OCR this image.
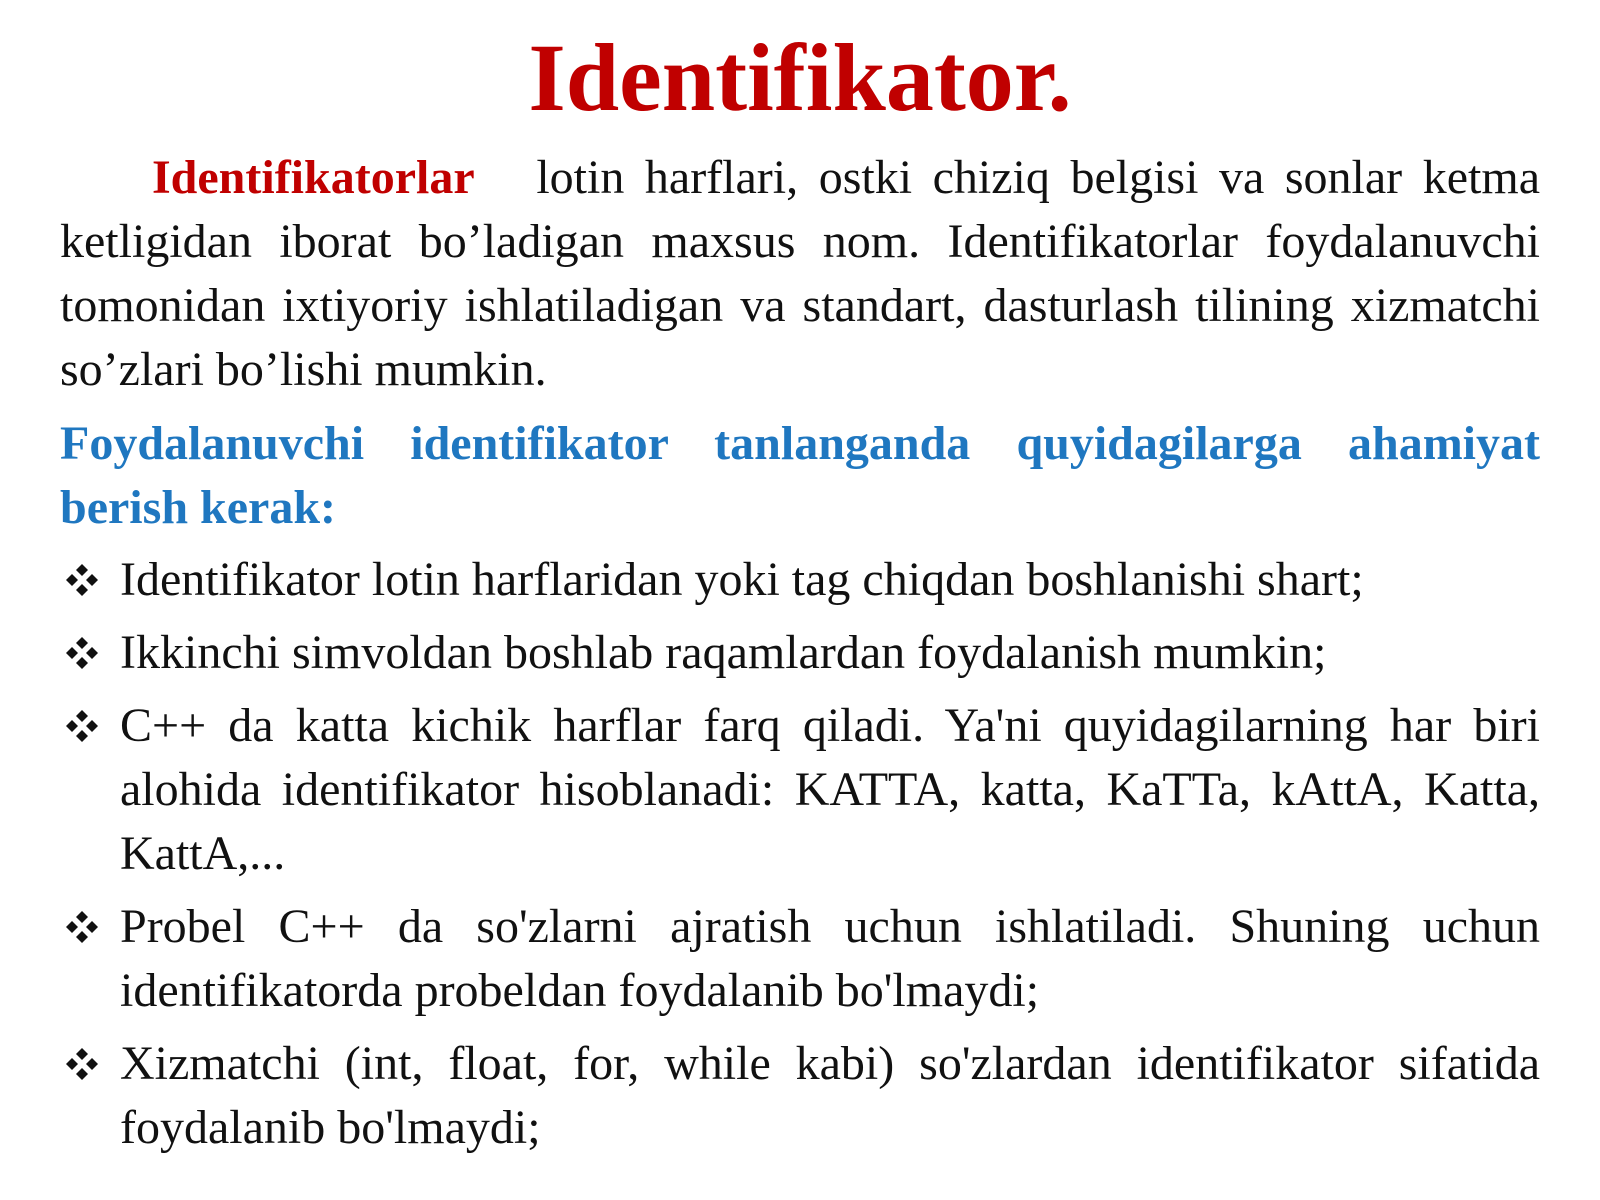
Identifikator.

Identifikatorlar lotin harflari, ostki chiziq belgisi va sonlar ketma ketligidan iborat bo’ladigan maxsus nom. Identifikatorlar foydalanuvchi tomonidan ixtiyoriy ishlatiladigan va standart, dasturlash tilining xizmatchi so’zlari bo’lishi mumkin.

Foydalanuvchi identifikator tanlanganda quyidagilarga ahamiyat berish kerak:

Identifikator lotin harflaridan yoki tag chiqdan boshlanishi shart;
Ikkinchi simvoldan boshlab raqamlardan foydalanish mumkin;
C++ da katta kichik harflar farq qiladi. Ya'ni quyidagilarning har biri alohida identifikator hisoblanadi: KATTA, katta, KaTTa, kAttA, Katta, KattA,...
Probel C++ da so'zlarni ajratish uchun ishlatiladi. Shuning uchun identifikatorda probeldan foydalanib bo'lmaydi;
Xizmatchi (int, float, for, while kabi) so'zlardan identifikator sifatida foydalanib bo'lmaydi;
